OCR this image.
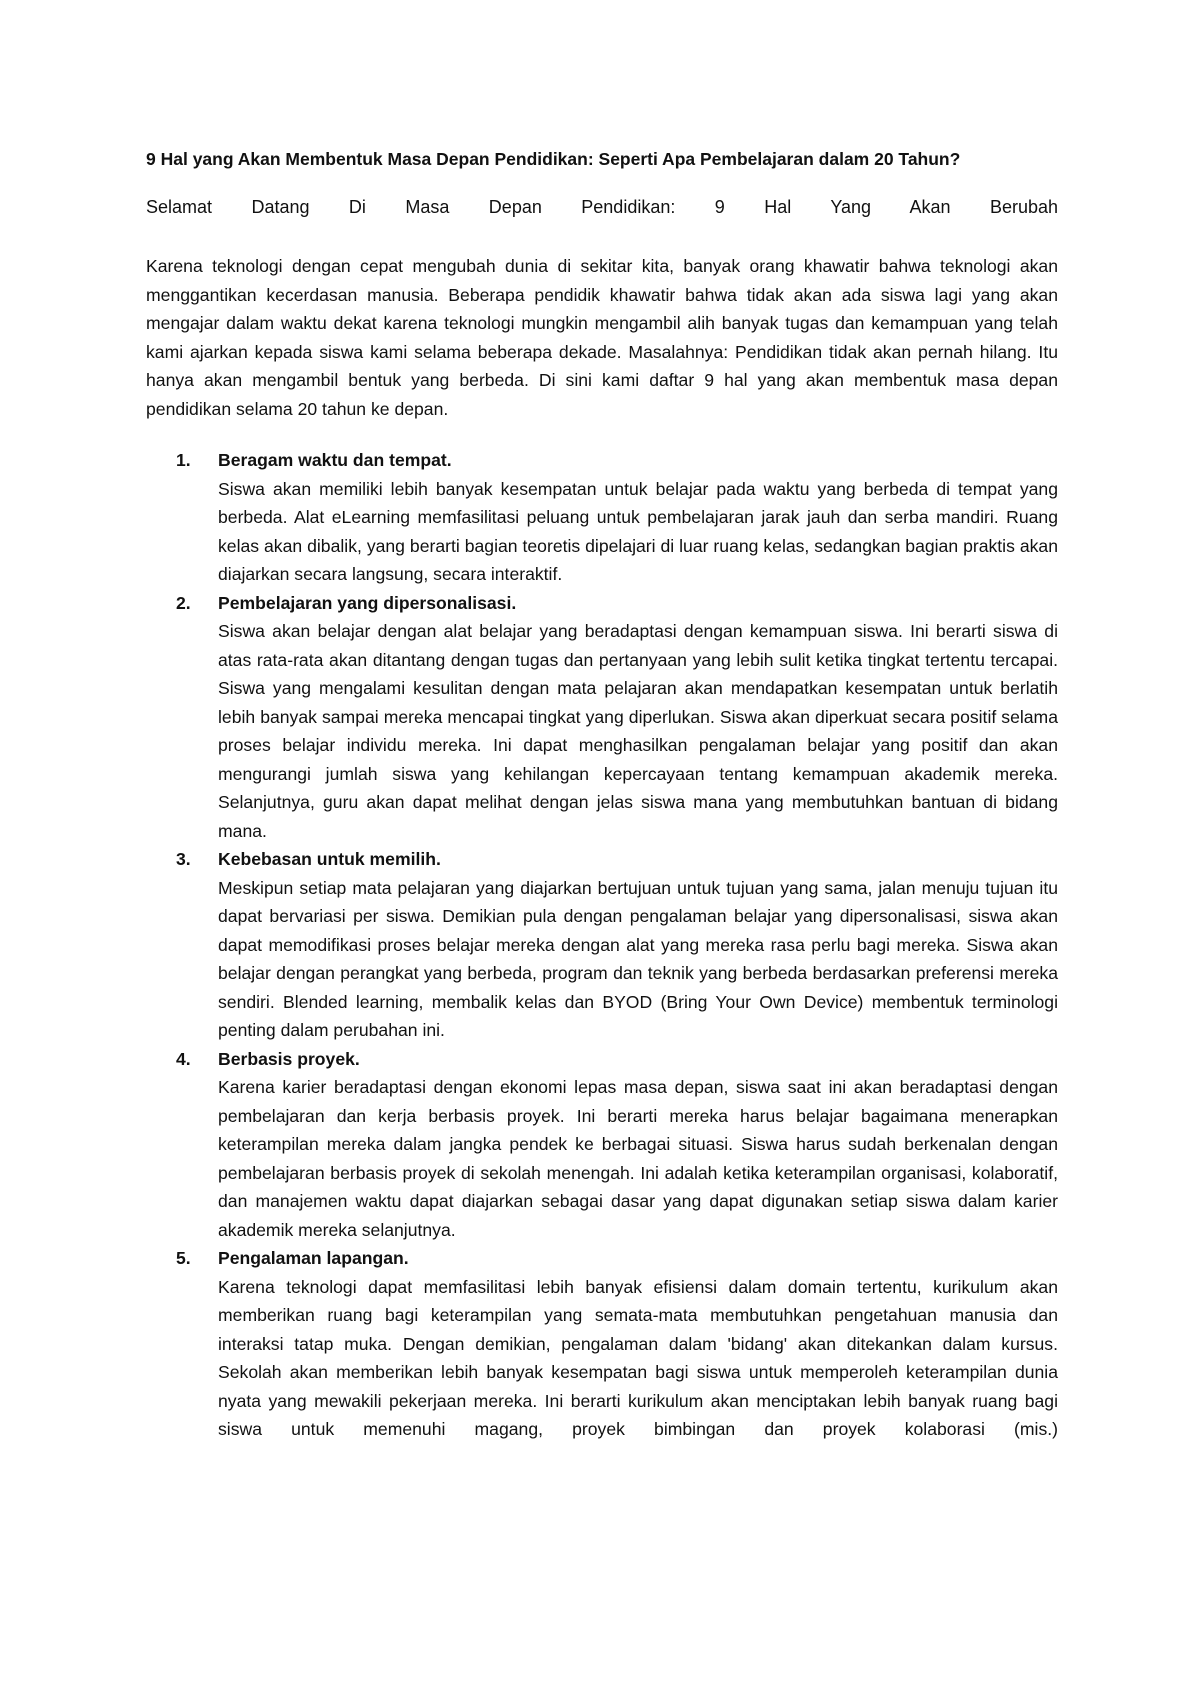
9 Hal yang Akan Membentuk Masa Depan Pendidikan: Seperti Apa Pembelajaran dalam 20 Tahun?
Selamat Datang Di Masa Depan Pendidikan: 9 Hal Yang Akan Berubah

Karena teknologi dengan cepat mengubah dunia di sekitar kita, banyak orang khawatir bahwa teknologi akan menggantikan kecerdasan manusia. Beberapa pendidik khawatir bahwa tidak akan ada siswa lagi yang akan mengajar dalam waktu dekat karena teknologi mungkin mengambil alih banyak tugas dan kemampuan yang telah kami ajarkan kepada siswa kami selama beberapa dekade. Masalahnya: Pendidikan tidak akan pernah hilang. Itu hanya akan mengambil bentuk yang berbeda. Di sini kami daftar 9 hal yang akan membentuk masa depan pendidikan selama 20 tahun ke depan.

1. Beragam waktu dan tempat.

Siswa akan memiliki lebih banyak kesempatan untuk belajar pada waktu yang berbeda di tempat yang berbeda. Alat eLearning memfasilitasi peluang untuk pembelajaran jarak jauh dan serba mandiri. Ruang kelas akan dibalik, yang berarti bagian teoretis dipelajari di luar ruang kelas, sedangkan bagian praktis akan diajarkan secara langsung, secara interaktif.

2. Pembelajaran yang dipersonalisasi.

Siswa akan belajar dengan alat belajar yang beradaptasi dengan kemampuan siswa. Ini berarti siswa di atas rata-rata akan ditantang dengan tugas dan pertanyaan yang lebih sulit ketika tingkat tertentu tercapai. Siswa yang mengalami kesulitan dengan mata pelajaran akan mendapatkan kesempatan untuk berlatih lebih banyak sampai mereka mencapai tingkat yang diperlukan. Siswa akan diperkuat secara positif selama proses belajar individu mereka. Ini dapat menghasilkan pengalaman belajar yang positif dan akan mengurangi jumlah siswa yang kehilangan kepercayaan tentang kemampuan akademik mereka. Selanjutnya, guru akan dapat melihat dengan jelas siswa mana yang membutuhkan bantuan di bidang mana.

3. Kebebasan untuk memilih.

Meskipun setiap mata pelajaran yang diajarkan bertujuan untuk tujuan yang sama, jalan menuju tujuan itu dapat bervariasi per siswa. Demikian pula dengan pengalaman belajar yang dipersonalisasi, siswa akan dapat memodifikasi proses belajar mereka dengan alat yang mereka rasa perlu bagi mereka. Siswa akan belajar dengan perangkat yang berbeda, program dan teknik yang berbeda berdasarkan preferensi mereka sendiri. Blended learning, membalik kelas dan BYOD (Bring Your Own Device) membentuk terminologi penting dalam perubahan ini.

4. Berbasis proyek.

Karena karier beradaptasi dengan ekonomi lepas masa depan, siswa saat ini akan beradaptasi dengan pembelajaran dan kerja berbasis proyek. Ini berarti mereka harus belajar bagaimana menerapkan keterampilan mereka dalam jangka pendek ke berbagai situasi. Siswa harus sudah berkenalan dengan pembelajaran berbasis proyek di sekolah menengah. Ini adalah ketika keterampilan organisasi, kolaboratif, dan manajemen waktu dapat diajarkan sebagai dasar yang dapat digunakan setiap siswa dalam karier akademik mereka selanjutnya.

5. Pengalaman lapangan.

Karena teknologi dapat memfasilitasi lebih banyak efisiensi dalam domain tertentu, kurikulum akan memberikan ruang bagi keterampilan yang semata-mata membutuhkan pengetahuan manusia dan interaksi tatap muka. Dengan demikian, pengalaman dalam 'bidang' akan ditekankan dalam kursus. Sekolah akan memberikan lebih banyak kesempatan bagi siswa untuk memperoleh keterampilan dunia nyata yang mewakili pekerjaan mereka. Ini berarti kurikulum akan menciptakan lebih banyak ruang bagi siswa untuk memenuhi magang, proyek bimbingan dan proyek kolaborasi (mis.)
